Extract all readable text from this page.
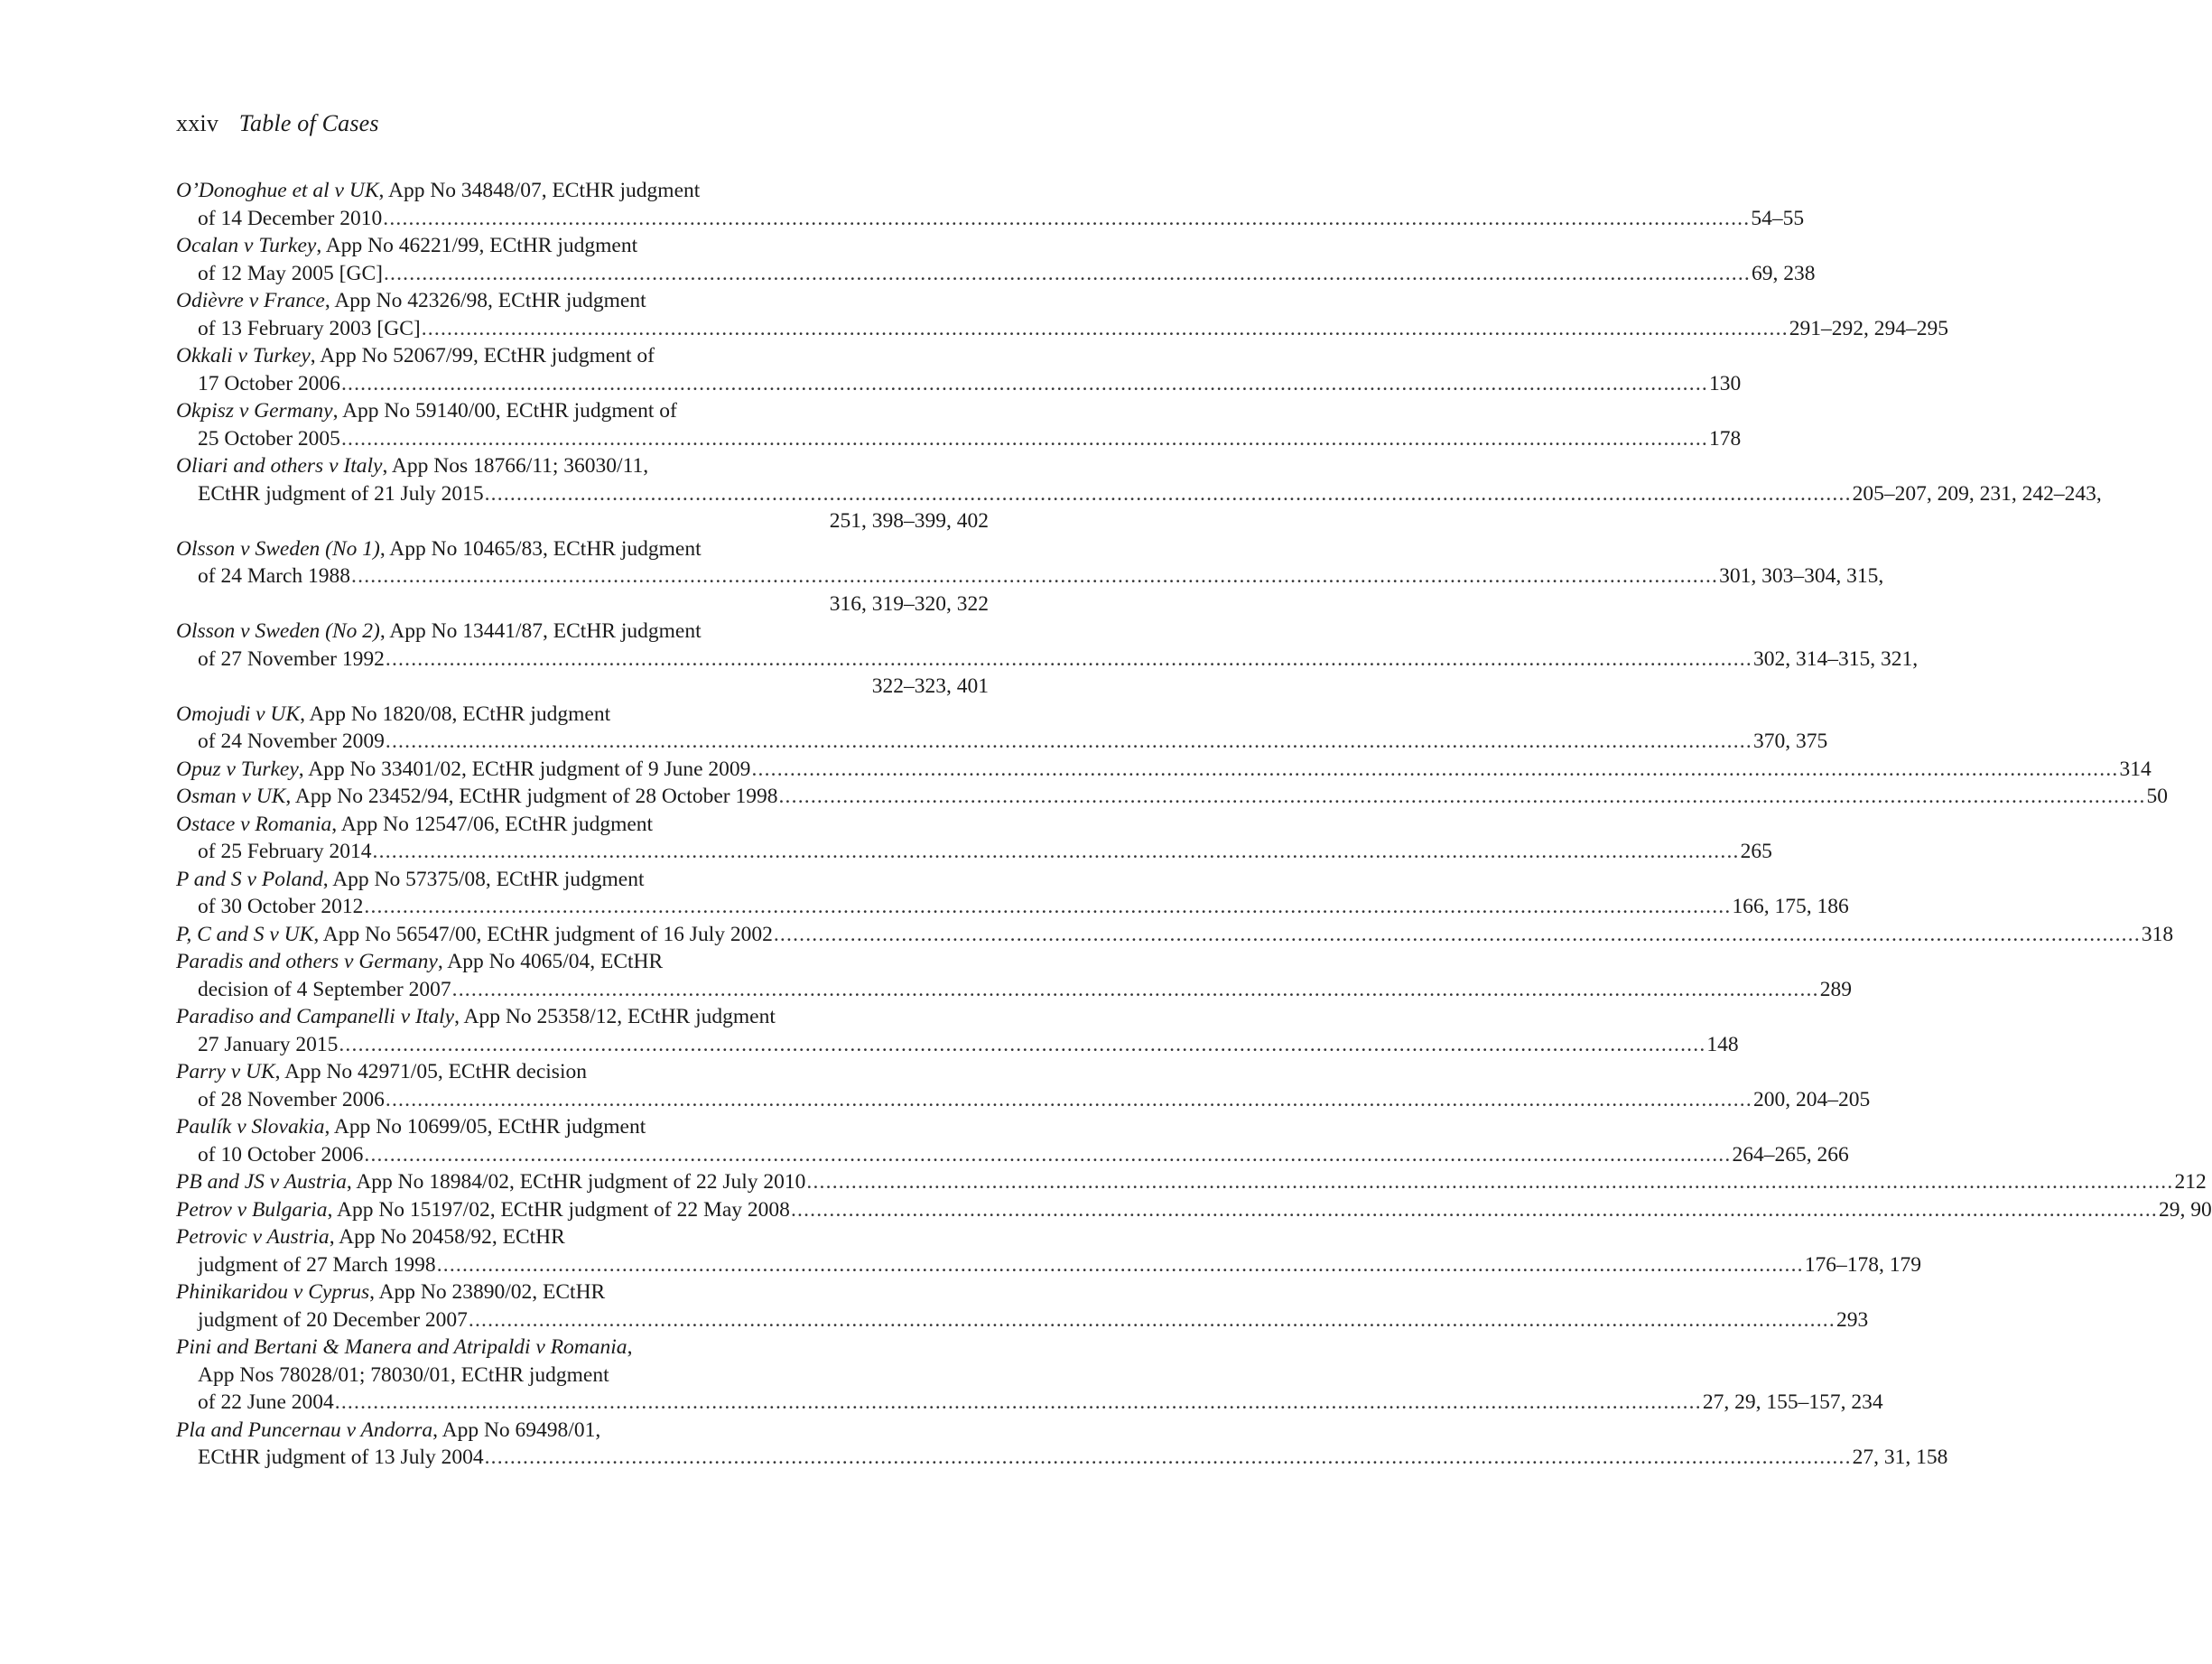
xxiv Table of Cases
O’Donoghue et al v UK, App No 34848/07, ECtHR judgment
of 14 December 2010 .....	54–55
Ocalan v Turkey, App No 46221/99, ECtHR judgment
of 12 May 2005 [GC] .....	69, 238
Odièvre v France, App No 42326/98, ECtHR judgment
of 13 February 2003 [GC] .....	291–292, 294–295
Okkali v Turkey, App No 52067/99, ECtHR judgment of
17 October 2006 .....	130
Okpisz v Germany, App No 59140/00, ECtHR judgment of
25 October 2005 .....	178
Oliari and others v Italy, App Nos 18766/11; 36030/11,
ECtHR judgment of 21 July 2015 .....	205–207, 209, 231, 242–243,
251, 398–399, 402
Olsson v Sweden (No 1), App No 10465/83, ECtHR judgment
of 24 March 1988 .....	301, 303–304, 315,
316, 319–320, 322
Olsson v Sweden (No 2), App No 13441/87, ECtHR judgment
of 27 November 1992 .....	302, 314–315, 321,
322–323, 401
Omojudi v UK, App No 1820/08, ECtHR judgment
of 24 November 2009 .....	370, 375
Opuz v Turkey, App No 33401/02, ECtHR judgment of 9 June 2009 .....	314
Osman v UK, App No 23452/94, ECtHR judgment of 28 October 1998 .....	50
Ostace v Romania, App No 12547/06, ECtHR judgment
of 25 February 2014 .....	265
P and S v Poland, App No 57375/08, ECtHR judgment
of 30 October 2012 .....	166, 175, 186
P, C and S v UK, App No 56547/00, ECtHR judgment of 16 July 2002 .....	318
Paradis and others v Germany, App No 4065/04, ECtHR
decision of 4 September 2007 .....	289
Paradiso and Campanelli v Italy, App No 25358/12, ECtHR judgment
27 January 2015 .....	148
Parry v UK, App No 42971/05, ECtHR decision
of 28 November 2006 .....	200, 204–205
Paulík v Slovakia, App No 10699/05, ECtHR judgment
of 10 October 2006 .....	264–265, 266
PB and JS v Austria, App No 18984/02, ECtHR judgment of 22 July 2010 .....	212
Petrov v Bulgaria, App No 15197/02, ECtHR judgment of 22 May 2008 .....	29, 90
Petrovic v Austria, App No 20458/92, ECtHR
judgment of 27 March 1998 .....	176–178, 179
Phinikaridou v Cyprus, App No 23890/02, ECtHR
judgment of 20 December 2007 .....	293
Pini and Bertani & Manera and Atripaldi v Romania,
App Nos 78028/01; 78030/01, ECtHR judgment
of 22 June 2004 .....	27, 29, 155–157, 234
Pla and Puncernau v Andorra, App No 69498/01,
ECtHR judgment of 13 July 2004 .....	27, 31, 158
